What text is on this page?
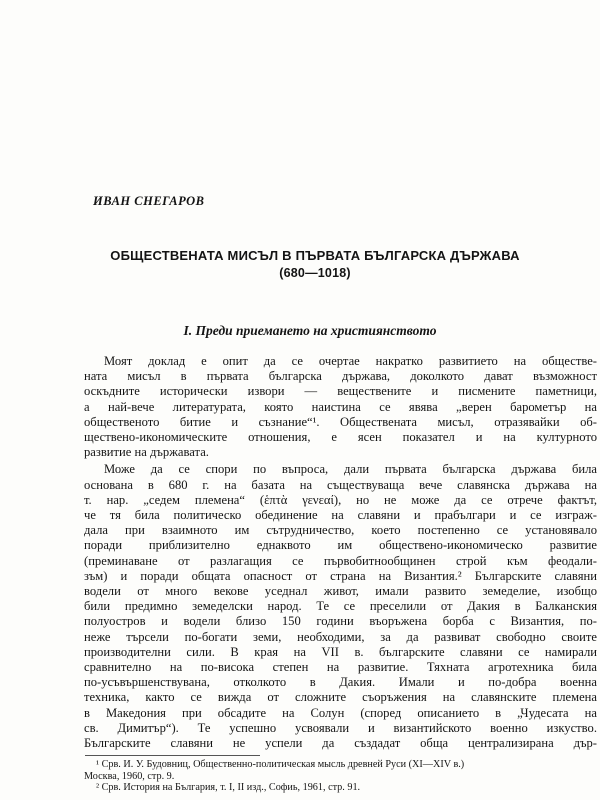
ИВАН СНЕГАРОВ
ОБЩЕСТВЕНАТА МИСЪЛ В ПЪРВАТА БЪЛГАРСКА ДЪРЖАВА
(680—1018)
I. Преди приемането на християнството
Моят доклад е опит да се очертае накратко развитието на обществе-
ната мисъл в първата българска държава, доколкото дават възможност
оскъдните исторически извори — веществените и писмените паметници,
а най-вече литературата, която наистина се явява „верен барометър на
общественото битие и съзнание“¹. Обществената мисъл, отразявайки об-
ществено-икономическите отношения, е ясен показател и на културното
развитие на държавата.
Може да се спори по въпроса, дали първата българска държава била
основана в 680 г. на базата на съществуваща вече славянска държава на
т. нар. „седем племена“ (ἑπτὰ γενεαί), но не може да се отрече фактът,
че тя била политическо обединение на славяни и прабългари и се изграж-
дала при взаимното им сътрудничество, което постепенно се установявало
поради приблизително еднаквото им обществено-икономическо развитие
(преминаване от разлагащия се първобитнообщинен строй към феодали-
зъм) и поради общата опасност от страна на Византия.² Българските славяни
водели от много векове уседнал живот, имали развито земеделие, изобщо
били предимно земеделски народ. Те се преселили от Дакия в Балканския
полуостров и водели близо 150 години въоръжена борба с Византия, по-
неже търсели по-богати земи, необходими, за да развиват свободно своите
производителни сили. В края на VII в. българските славяни се намирали
сравнително на по-висока степен на развитие. Тяхната агротехника била
по-усъвършенствувана, отколкото в Дакия. Имали и по-добра военна
техника, както се вижда от сложните съоръжения на славянските племена
в Македония при обсадите на Солун (според описанието в „Чудесата на
св. Димитър“). Те успешно усвоявали и византийското военно изкуство.
Българските славяни не успели да създадат обща централизирана дър-
¹ Срв. И. У. Будовниц, Общественно-политическая мысль древней Руси (XI—XIV в.)
Москва, 1960, стр. 9.
² Срв. История на България, т. I, II изд., Софиь, 1961, стр. 91.
